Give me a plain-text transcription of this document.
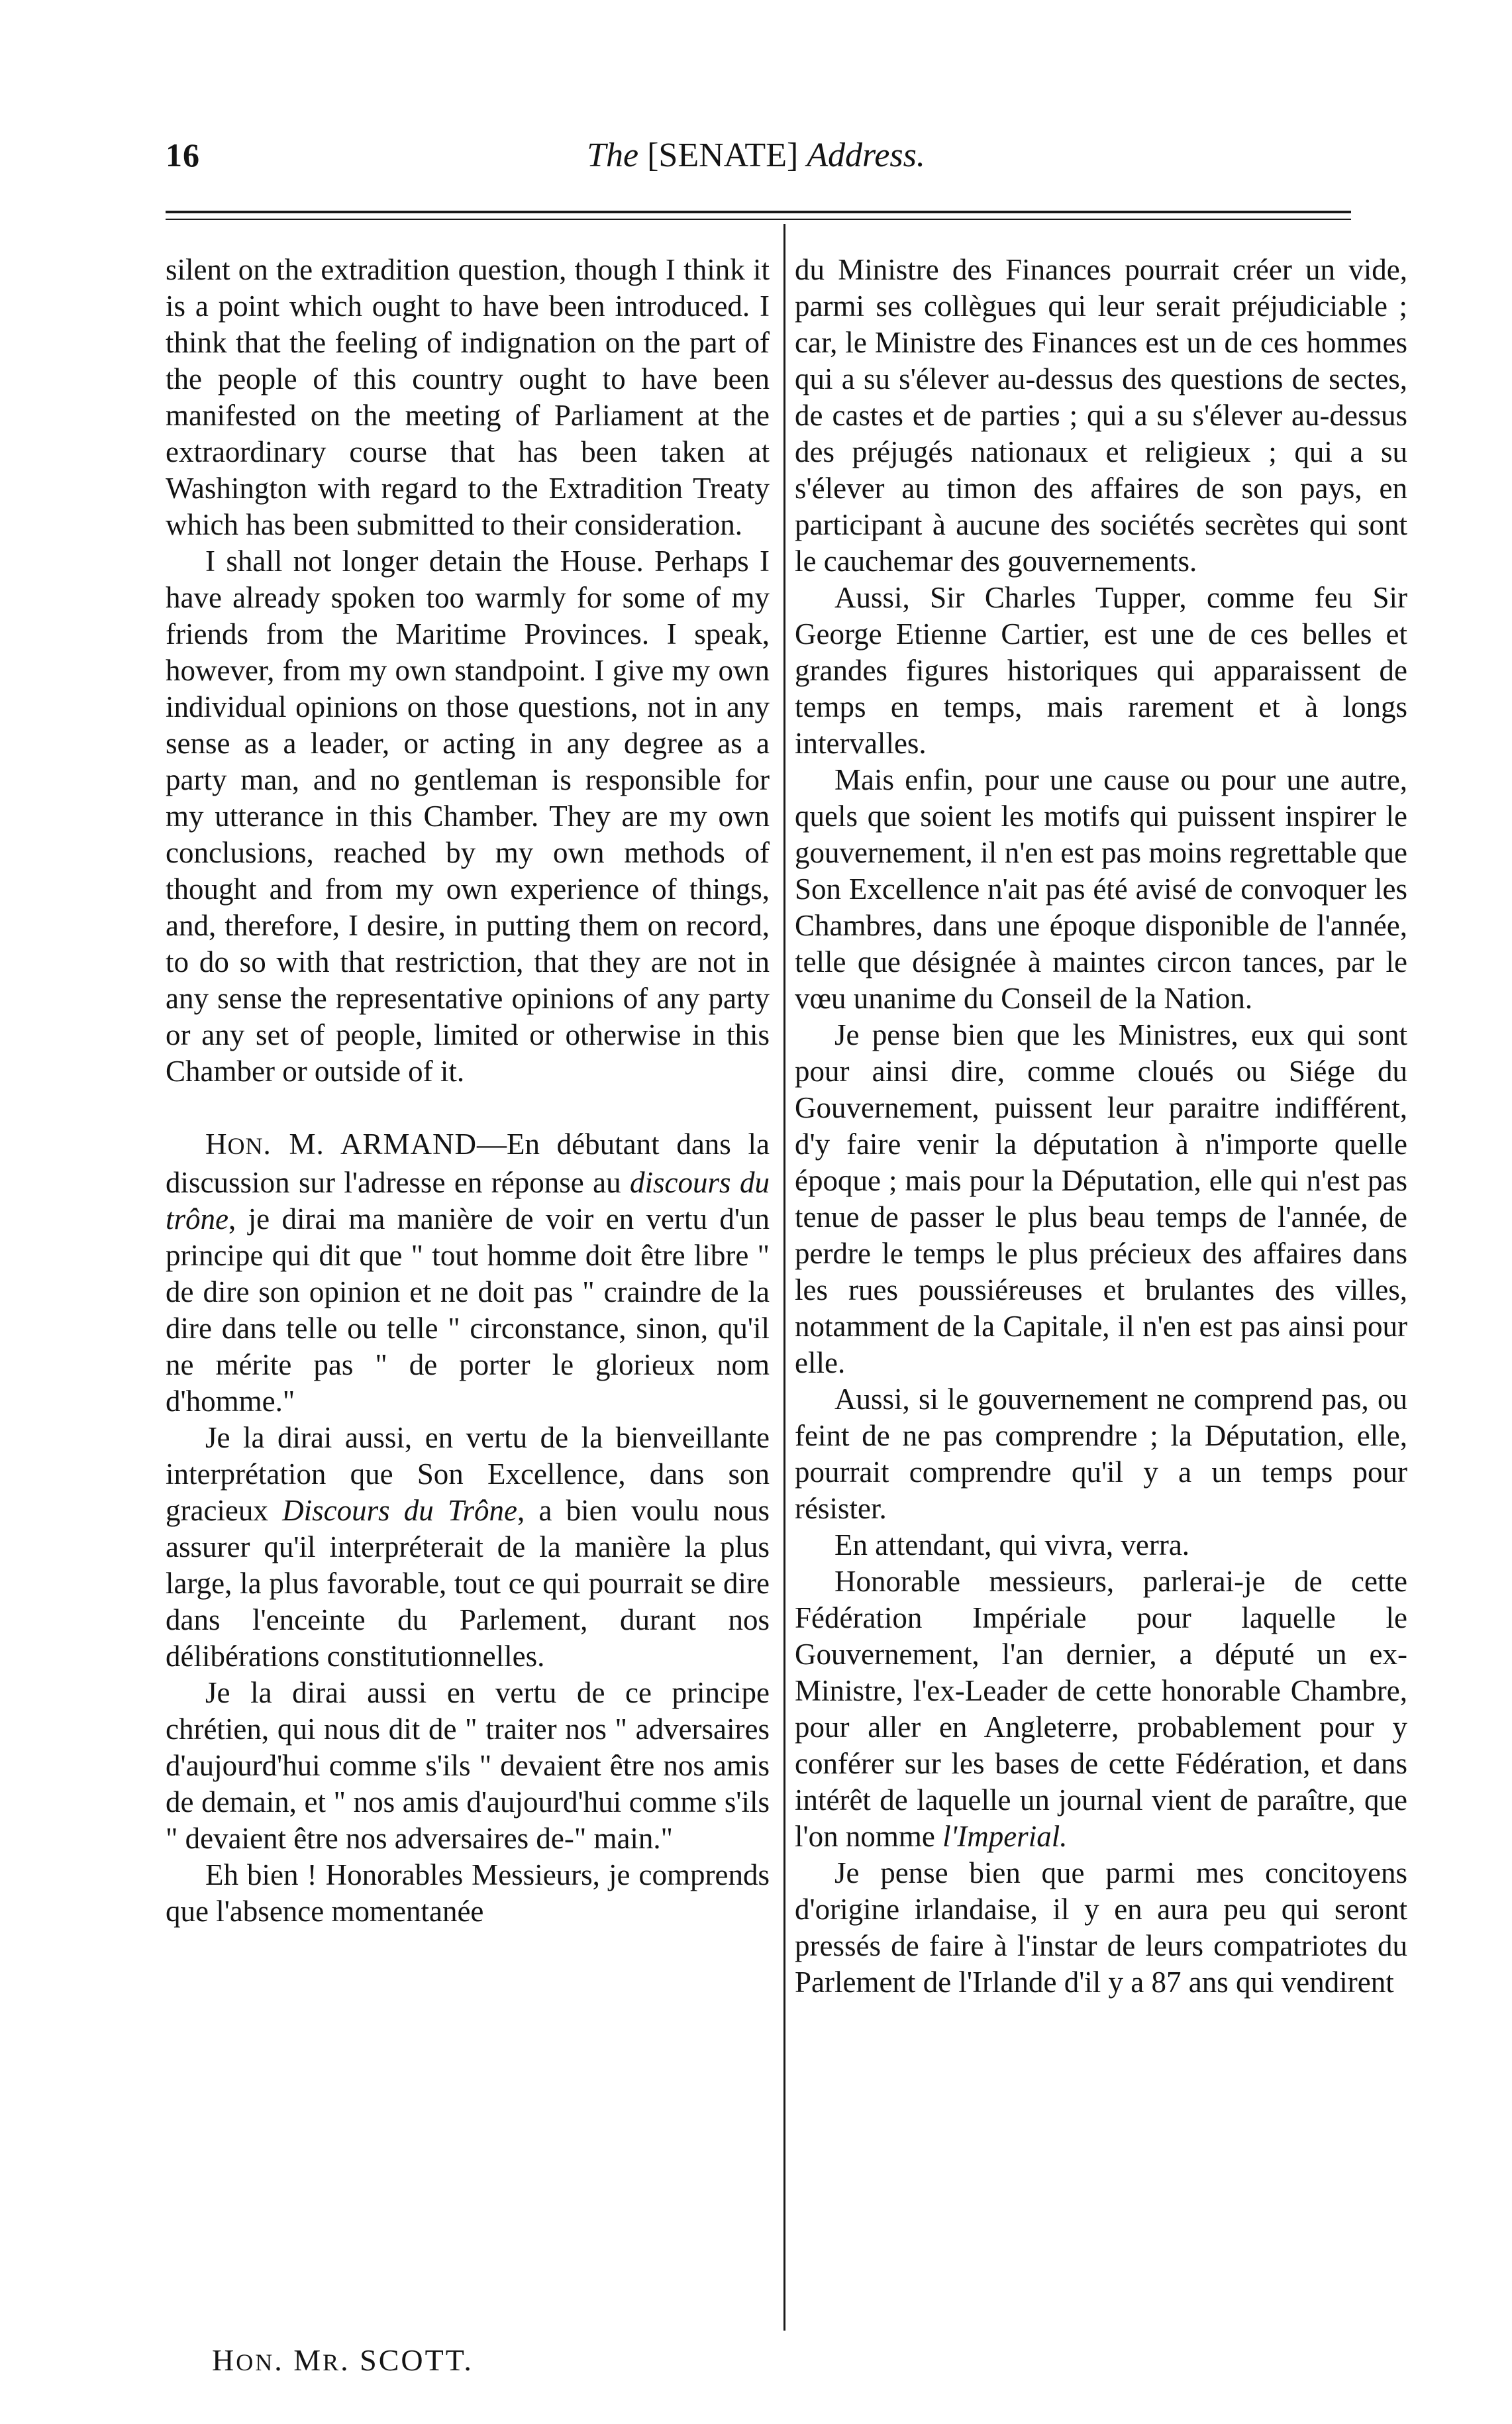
16	The [SENATE] Address.

silent on the extradition question, though I think it is a point which ought to have been introduced. I think that the feeling of indignation on the part of the people of this country ought to have been manifested on the meeting of Parliament at the extraordinary course that has been taken at Washington with regard to the Extradition Treaty which has been submitted to their consideration.

I shall not longer detain the House. Perhaps I have already spoken too warmly for some of my friends from the Maritime Provinces. I speak, however, from my own standpoint. I give my own individual opinions on those questions, not in any sense as a leader, or acting in any degree as a party man, and no gentleman is responsible for my utterance in this Chamber. They are my own conclusions, reached by my own methods of thought and from my own experience of things, and, therefore, I desire, in putting them on record, to do so with that restriction, that they are not in any sense the representative opinions of any party or any set of people, limited or otherwise in this Chamber or outside of it.

HON. M. ARMAND—En débutant dans la discussion sur l'adresse en réponse au discours du trône, je dirai ma manière de voir en vertu d'un principe qui dit que " tout homme doit être libre " de dire son opinion et ne doit pas " craindre de la dire dans telle ou telle " circonstance, sinon, qu'il ne mérite pas " de porter le glorieux nom d'homme."

Je la dirai aussi, en vertu de la bienveillante interprétation que Son Excellence, dans son gracieux Discours du Trône, a bien voulu nous assurer qu'il interpréterait de la manière la plus large, la plus favorable, tout ce qui pourrait se dire dans l'enceinte du Parlement, durant nos délibérations constitutionnelles.

Je la dirai aussi en vertu de ce principe chrétien, qui nous dit de " traiter nos " adversaires d'aujourd'hui comme s'ils " devaient être nos amis de demain, et " nos amis d'aujourd'hui comme s'ils " devaient être nos adversaires de-" main."

Eh bien ! Honorables Messieurs, je comprends que l'absence momentanée

du Ministre des Finances pourrait créer un vide, parmi ses collègues qui leur serait préjudiciable ; car, le Ministre des Finances est un de ces hommes qui a su s'élever au-dessus des questions de sectes, de castes et de parties ; qui a su s'élever au-dessus des préjugés nationaux et religieux ; qui a su s'élever au timon des affaires de son pays, en participant à aucune des sociétés secrètes qui sont le cauchemar des gouvernements.

Aussi, Sir Charles Tupper, comme feu Sir George Etienne Cartier, est une de ces belles et grandes figures historiques qui apparaissent de temps en temps, mais rarement et à longs intervalles.

Mais enfin, pour une cause ou pour une autre, quels que soient les motifs qui puissent inspirer le gouvernement, il n'en est pas moins regrettable que Son Excellence n'ait pas été avisé de convoquer les Chambres, dans une époque disponible de l'année, telle que désignée à maintes circon tances, par le vœu unanime du Conseil de la Nation.

Je pense bien que les Ministres, eux qui sont pour ainsi dire, comme cloués ou Siége du Gouvernement, puissent leur paraitre indifférent, d'y faire venir la députation à n'importe quelle époque ; mais pour la Députation, elle qui n'est pas tenue de passer le plus beau temps de l'année, de perdre le temps le plus précieux des affaires dans les rues poussiéreuses et brulantes des villes, notamment de la Capitale, il n'en est pas ainsi pour elle.

Aussi, si le gouvernement ne comprend pas, ou feint de ne pas comprendre ; la Députation, elle, pourrait comprendre qu'il y a un temps pour résister.

En attendant, qui vivra, verra.

Honorable messieurs, parlerai-je de cette Fédération Impériale pour laquelle le Gouvernement, l'an dernier, a député un ex-Ministre, l'ex-Leader de cette honorable Chambre, pour aller en Angleterre, probablement pour y conférer sur les bases de cette Fédération, et dans intérêt de laquelle un journal vient de paraître, que l'on nomme l'Imperial.

Je pense bien que parmi mes concitoyens d'origine irlandaise, il y en aura peu qui seront pressés de faire à l'instar de leurs compatriotes du Parlement de l'Irlande d'il y a 87 ans qui vendirent

HON. MR. SCOTT.
